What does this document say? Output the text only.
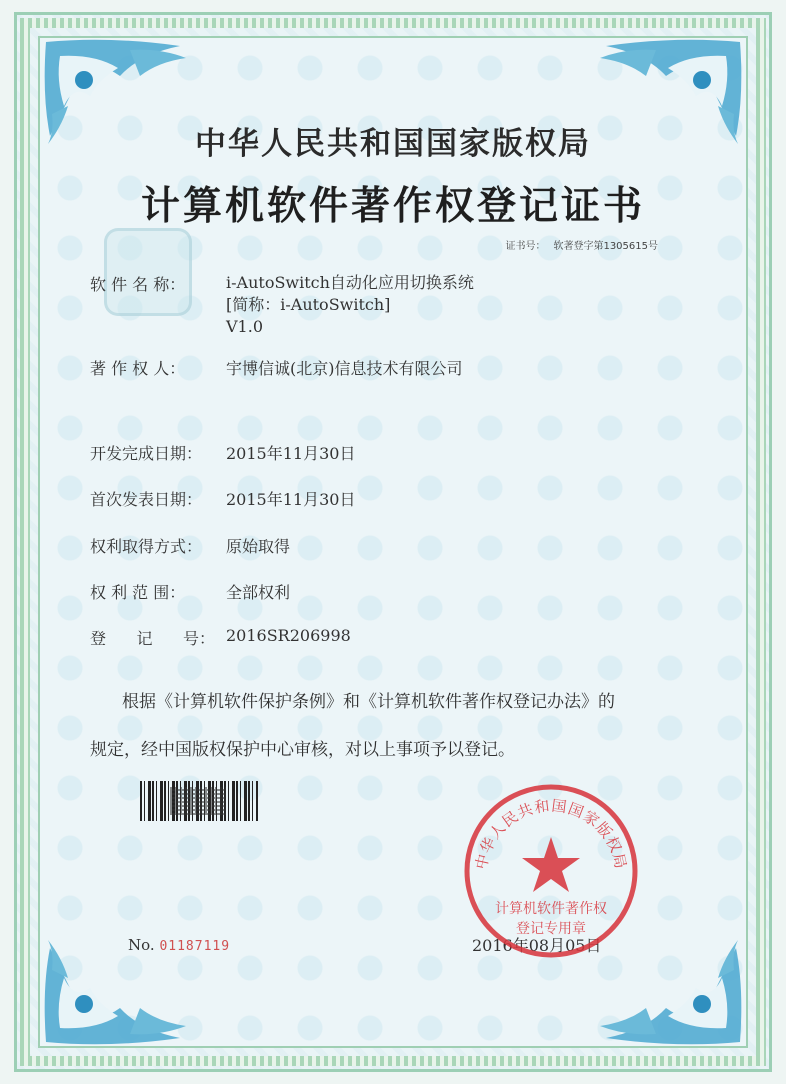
中华人民共和国国家版权局
计算机软件著作权登记证书
证书号： 软著登字第1305615号
软 件 名 称：	i-AutoSwitch自动化应用切换系统
[简称：i-AutoSwitch]
V1.0
著 作 权 人：	宇博信诚(北京)信息技术有限公司
开发完成日期：	2015年11月30日
首次发表日期：	2015年11月30日
权利取得方式：	原始取得
权 利 范 围：	全部权利
登      记      号： 2016SR206998
根据《计算机软件保护条例》和《计算机软件著作权登记办法》的
规定，经中国版权保护中心审核，对以上事项予以登记。
No. 01187119	2016年08月05日
中华人民共和国国家版权局
计算机软件著作权
登记专用章
